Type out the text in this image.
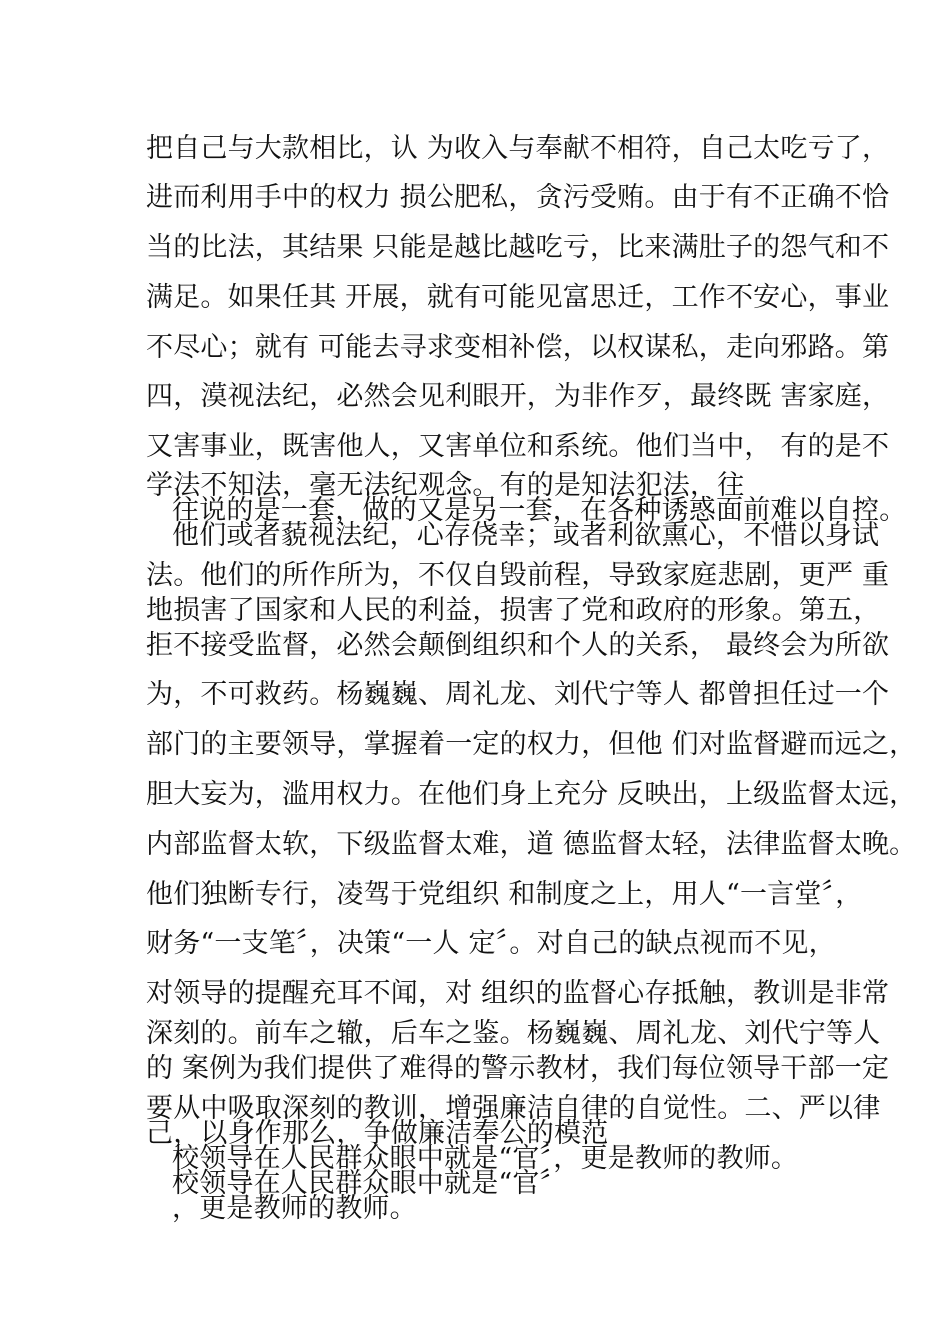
把自己与大款相比，认 为收入与奉献不相符，自己太吃亏了，
进而利用手中的权力 损公肥私，贪污受贿。由于有不正确不恰
当的比法，其结果 只能是越比越吃亏，比来满肚子的怨气和不
满足。如果任其 开展，就有可能见富思迁，工作不安心，事业
不尽心；就有 可能去寻求变相补偿，以权谋私，走向邪路。第
四，漠视法纪，必然会见利眼开，为非作歹，最终既 害家庭，
又害事业，既害他人，又害单位和系统。他们当中， 有的是不
学法不知法，毫无法纪观念。有的是知法犯法，往
往说的是一套，做的又是另一套，在各种诱惑面前难以自控。
他们或者藐视法纪，心存侥幸；或者利欲熏心，不惜以身试
法。他们的所作所为，不仅自毁前程，导致家庭悲剧，更严 重
地损害了国家和人民的利益，损害了党和政府的形象。第五，
拒不接受监督，必然会颠倒组织和个人的关系， 最终会为所欲
为，不可救药。杨巍巍、周礼龙、刘代宁等人 都曾担任过一个
部门的主要领导，掌握着一定的权力，但他 们对监督避而远之，
胆大妄为，滥用权力。在他们身上充分 反映出，上级监督太远，
内部监督太软，下级监督太难，道 德监督太轻，法律监督太晚。
他们独断专行，凌驾于党组织 和制度之上，用人“一言堂〞，
财务“一支笔〞，决策“一人 定〞。对自己的缺点视而不见，
对领导的提醒充耳不闻，对 组织的监督心存抵触，教训是非常
深刻的。前车之辙，后车之鉴。杨巍巍、周礼龙、刘代宁等人
的 案例为我们提供了难得的警示教材，我们每位领导干部一定
要从中吸取深刻的教训，增强廉洁自律的自觉性。二、严以律
己，以身作那么，争做廉洁奉公的模范
校领导在人民群众眼中就是“官〞，更是教师的教师。
校领导在人民群众眼中就是“官〞
，更是教师的教师。
